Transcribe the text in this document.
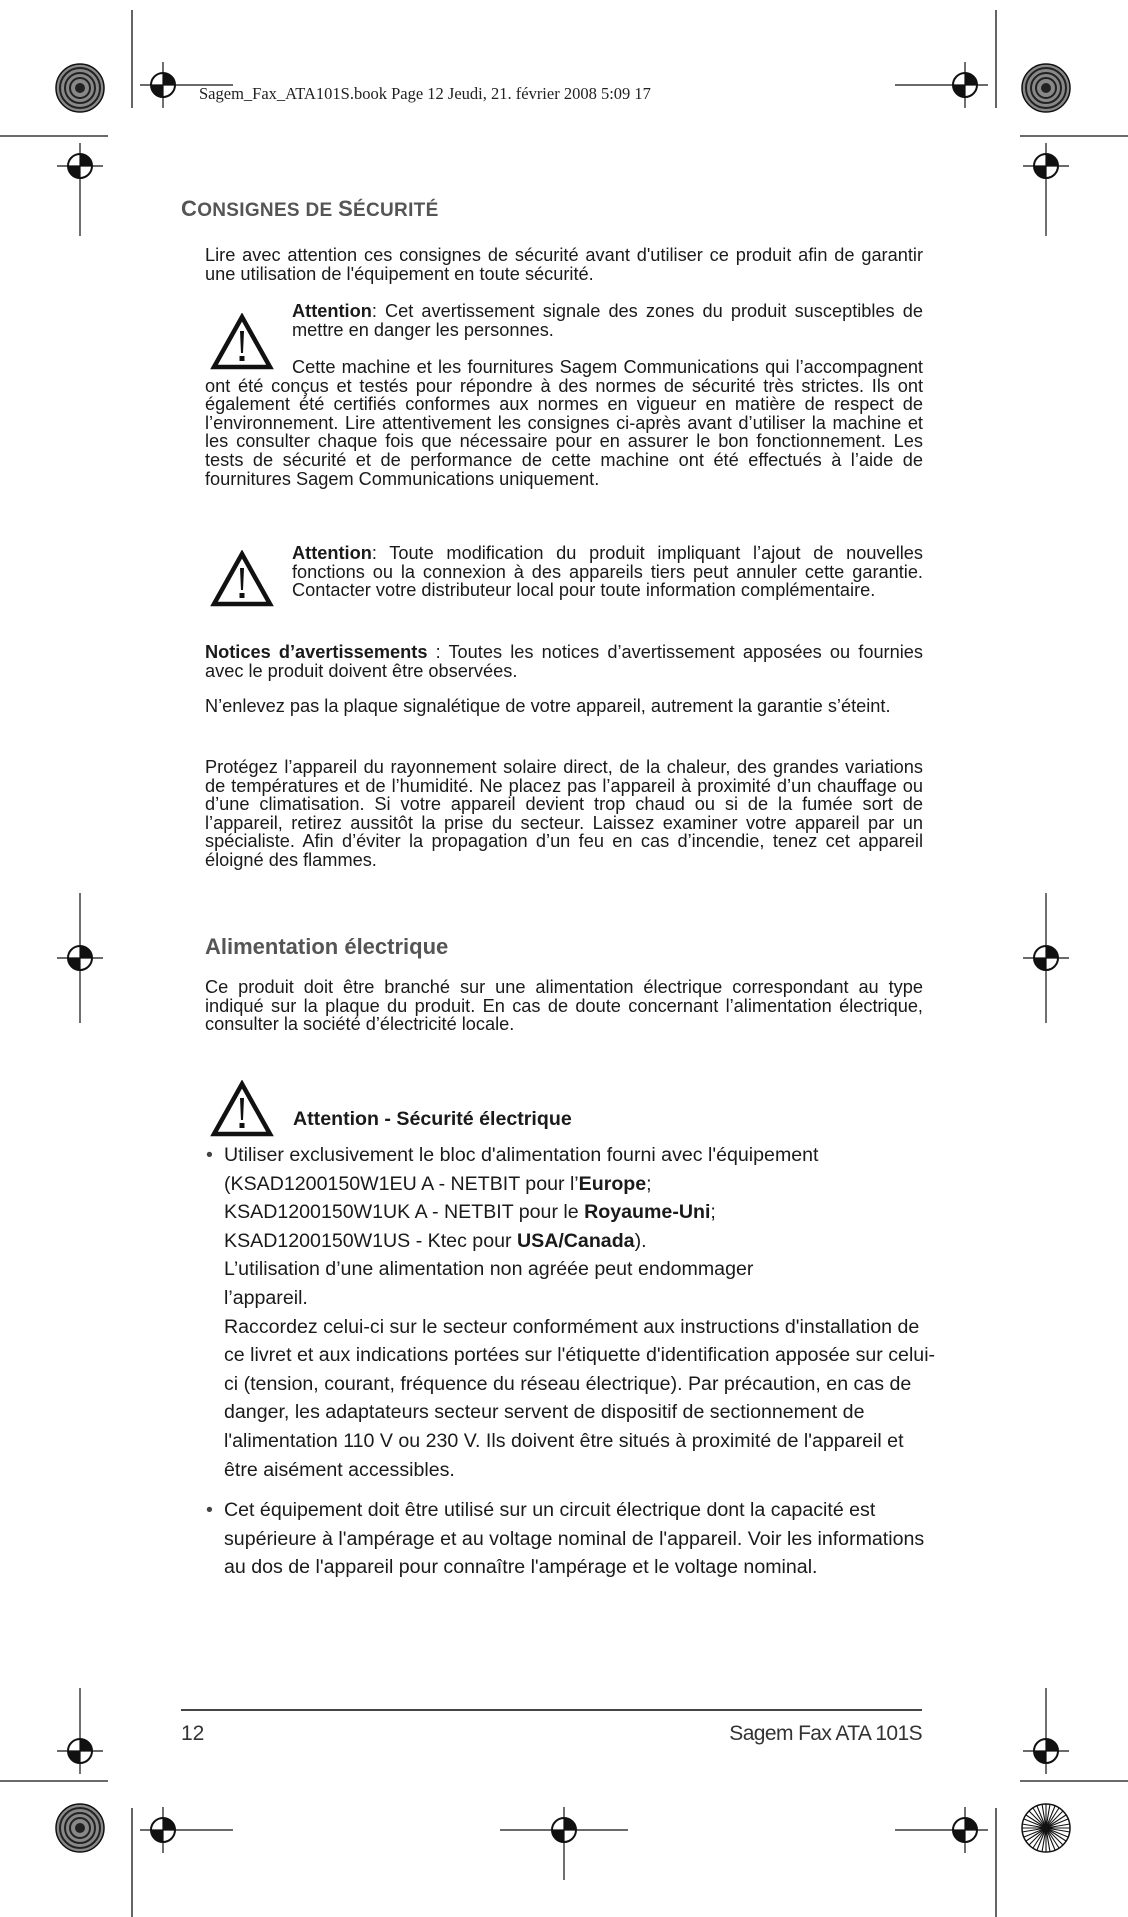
Sagem_Fax_ATA101S.book Page 12 Jeudi, 21. février 2008 5:09 17
CONSIGNES DE SÉCURITÉ
Lire avec attention ces consignes de sécurité avant d'utiliser ce produit afin de garantir une utilisation de l'équipement en toute sécurité.
Attention: Cet avertissement signale des zones du produit susceptibles de mettre en danger les personnes.
Cette machine et les fournitures Sagem Communications qui l’accompagnent ont été conçus et testés pour répondre à des normes de sécurité très strictes. Ils ont également été certifiés conformes aux normes en vigueur en matière de respect de l’environnement. Lire attentivement les consignes ci-après avant d’utiliser la machine et les consulter chaque fois que nécessaire pour en assurer le bon fonctionnement. Les tests de sécurité et de performance de cette machine ont été effectués à l’aide de fournitures Sagem Communications uniquement.
Attention: Toute modification du produit impliquant l’ajout de nouvelles fonctions ou la connexion à des appareils tiers peut annuler cette garantie. Contacter votre distributeur local pour toute information complémentaire.
Notices d’avertissements : Toutes les notices d’avertissement apposées ou fournies avec le produit doivent être observées.
N’enlevez pas la plaque signalétique de votre appareil, autrement la garantie s’éteint.
Protégez l’appareil du rayonnement solaire direct, de la chaleur, des grandes variations de températures et de l’humidité. Ne placez pas l’appareil à proximité d’un chauffage ou d’une climatisation. Si votre appareil devient trop chaud ou si de la fumée sort de l’appareil, retirez aussitôt la prise du secteur. Laissez examiner votre appareil par un spécialiste. Afin d’éviter la propagation d’un feu en cas d’incendie, tenez cet appareil éloigné des flammes.
Alimentation électrique
Ce produit doit être branché sur une alimentation électrique correspondant au type indiqué sur la plaque du produit. En cas de doute concernant l’alimentation électrique, consulter la société d’électricité locale.
Attention - Sécurité électrique
• Utiliser exclusivement le bloc d'alimentation fourni avec l'équipement
(KSAD1200150W1EU A - NETBIT pour l’Europe;
KSAD1200150W1UK A - NETBIT pour le Royaume-Uni;
KSAD1200150W1US - Ktec pour USA/Canada).
L’utilisation d’une alimentation non agréée peut endommager l’appareil.
Raccordez celui-ci sur le secteur conformément aux instructions d'installation de ce livret et aux indications portées sur l'étiquette d'identification apposée sur celui-ci (tension, courant, fréquence du réseau électrique). Par précaution, en cas de danger, les adaptateurs secteur servent de dispositif de sectionnement de l'alimentation 110 V ou 230 V. Ils doivent être situés à proximité de l'appareil et être aisément accessibles.
• Cet équipement doit être utilisé sur un circuit électrique dont la capacité est supérieure à l'ampérage et au voltage nominal de l'appareil. Voir les informations au dos de l'appareil pour connaître l'ampérage et le voltage nominal.
12	Sagem Fax ATA 101S
